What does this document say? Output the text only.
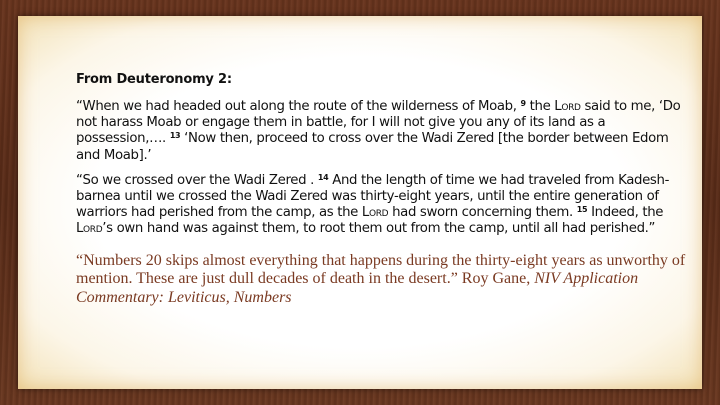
From Deuteronomy 2:

“When we had headed out along the route of the wilderness of Moab, $^9$ the Lord said to me, ‘Do not harass Moab or engage them in battle, for I will not give you any of its land as a possession,…. $^{13}$ ‘Now then, proceed to cross over the Wadi Zered [the border between Edom and Moab].’

“So we crossed over the Wadi Zered . $^{14}$ And the length of time we had traveled from Kadesh-barnea until we crossed the Wadi Zered was thirty-eight years, until the entire generation of warriors had perished from the camp, as the Lord had sworn concerning them. $^{15}$ Indeed, the Lord’s own hand was against them, to root them out from the camp, until all had perished.”

“Numbers 20 skips almost everything that happens during the thirty-eight years as unworthy of mention. These are just dull decades of death in the desert.” Roy Gane, NIV Application Commentary: Leviticus, Numbers
